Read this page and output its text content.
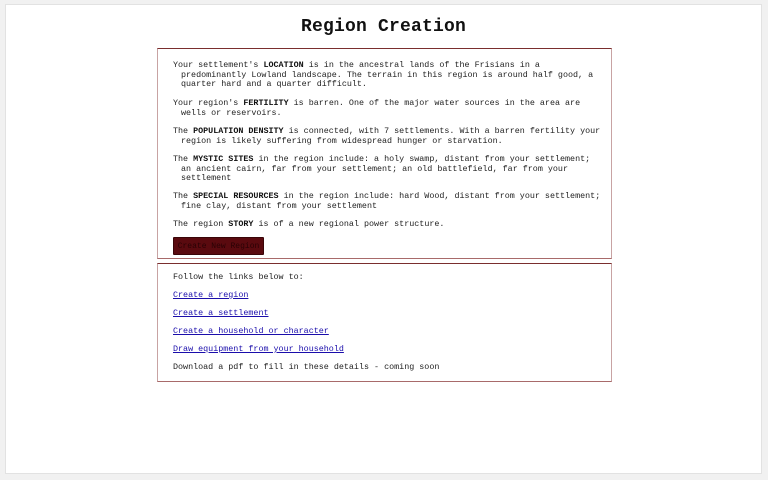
Region Creation
Your settlement's LOCATION is in the ancestral lands of the Frisians in a predominantly Lowland landscape. The terrain in this region is around half good, a quarter hard and a quarter difficult.
Your region's FERTILITY is barren. One of the major water sources in the area are wells or reservoirs.
The POPULATION DENSITY is connected, with 7 settlements. With a barren fertility your region is likely suffering from widespread hunger or starvation.
The MYSTIC SITES in the region include: a holy swamp, distant from your settlement; an ancient cairn, far from your settlement; an old battlefield, far from your settlement
The SPECIAL RESOURCES in the region include: hard Wood, distant from your settlement; fine clay, distant from your settlement
The region STORY is of a new regional power structure.
Create New Region
Follow the links below to:
Create a region
Create a settlement
Create a household or character
Draw equipment from your household
Download a pdf to fill in these details - coming soon
